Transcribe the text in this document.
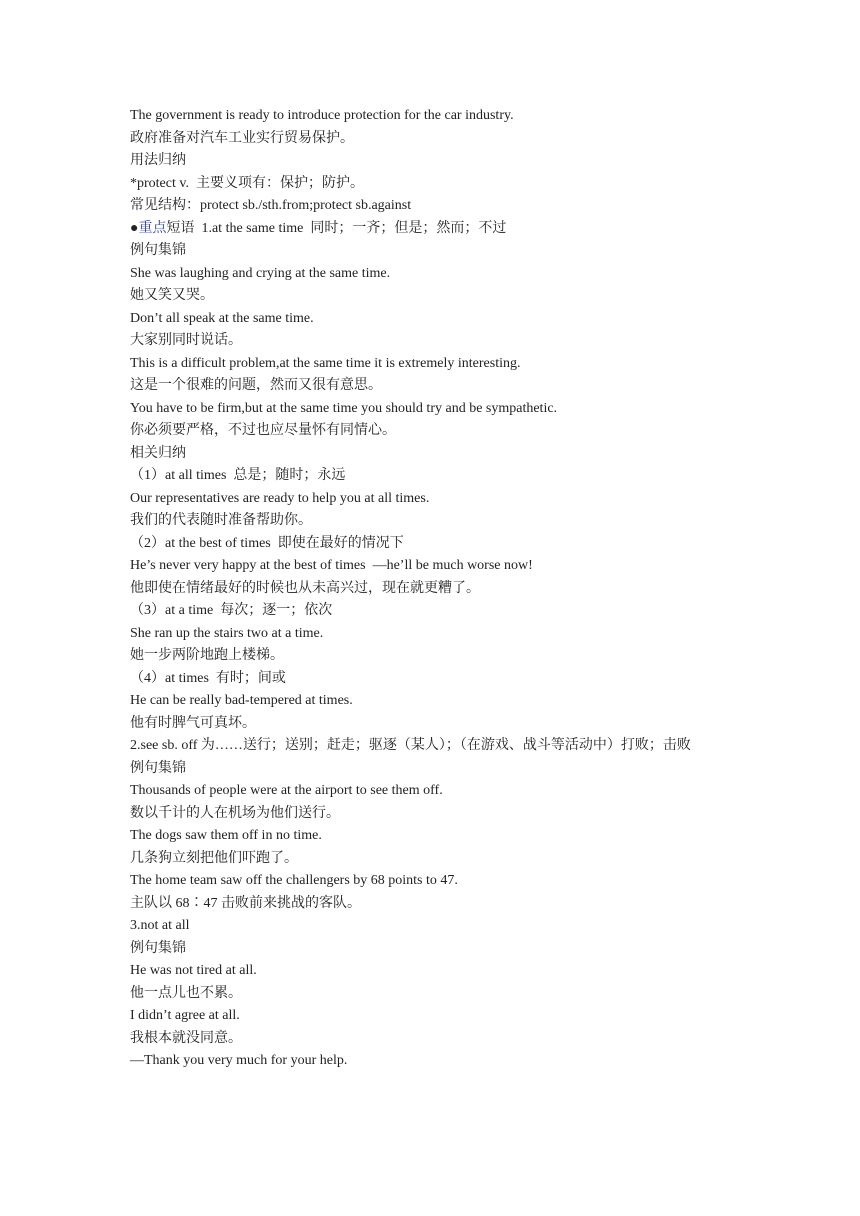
The government is ready to introduce protection for the car industry.

政府准备对汽车工业实行贸易保护。

用法归纳

*protect v.  主要义项有：保护；防护。

常见结构：protect sb./sth.from;protect sb.against

●重点短语  1.at the same time  同时；一齐；但是；然而；不过

例句集锦

She was laughing and crying at the same time.

她又笑又哭。

Don’t all speak at the same time.

大家别同时说话。

This is a difficult problem,at the same time it is extremely interesting.

这是一个很难的问题，然而又很有意思。

You have to be firm,but at the same time you should try and be sympathetic.

你必须要严格，不过也应尽量怀有同情心。

相关归纳

（1）at all times  总是；随时；永远

Our representatives are ready to help you at all times.

我们的代表随时准备帮助你。

（2）at the best of times  即使在最好的情况下

He’s never very happy at the best of times  —he’ll be much worse now!

他即使在情绪最好的时候也从未高兴过，现在就更糟了。

（3）at a time  每次；逐一；依次

She ran up the stairs two at a time.

她一步两阶地跑上楼梯。

（4）at times  有时；间或

He can be really bad-tempered at times.

他有时脾气可真坏。

2.see sb. off 为……送行；送别；赶走；驱逐（某人）；（在游戏、战斗等活动中）打败；击败

例句集锦

Thousands of people were at the airport to see them off.

数以千计的人在机场为他们送行。

The dogs saw them off in no time.

几条狗立刻把他们吓跑了。

The home team saw off the challengers by 68 points to 47.

主队以 68∶47 击败前来挑战的客队。

3.not at all

例句集锦

He was not tired at all.

他一点儿也不累。

I didn’t agree at all.

我根本就没同意。

—Thank you very much for your help.
